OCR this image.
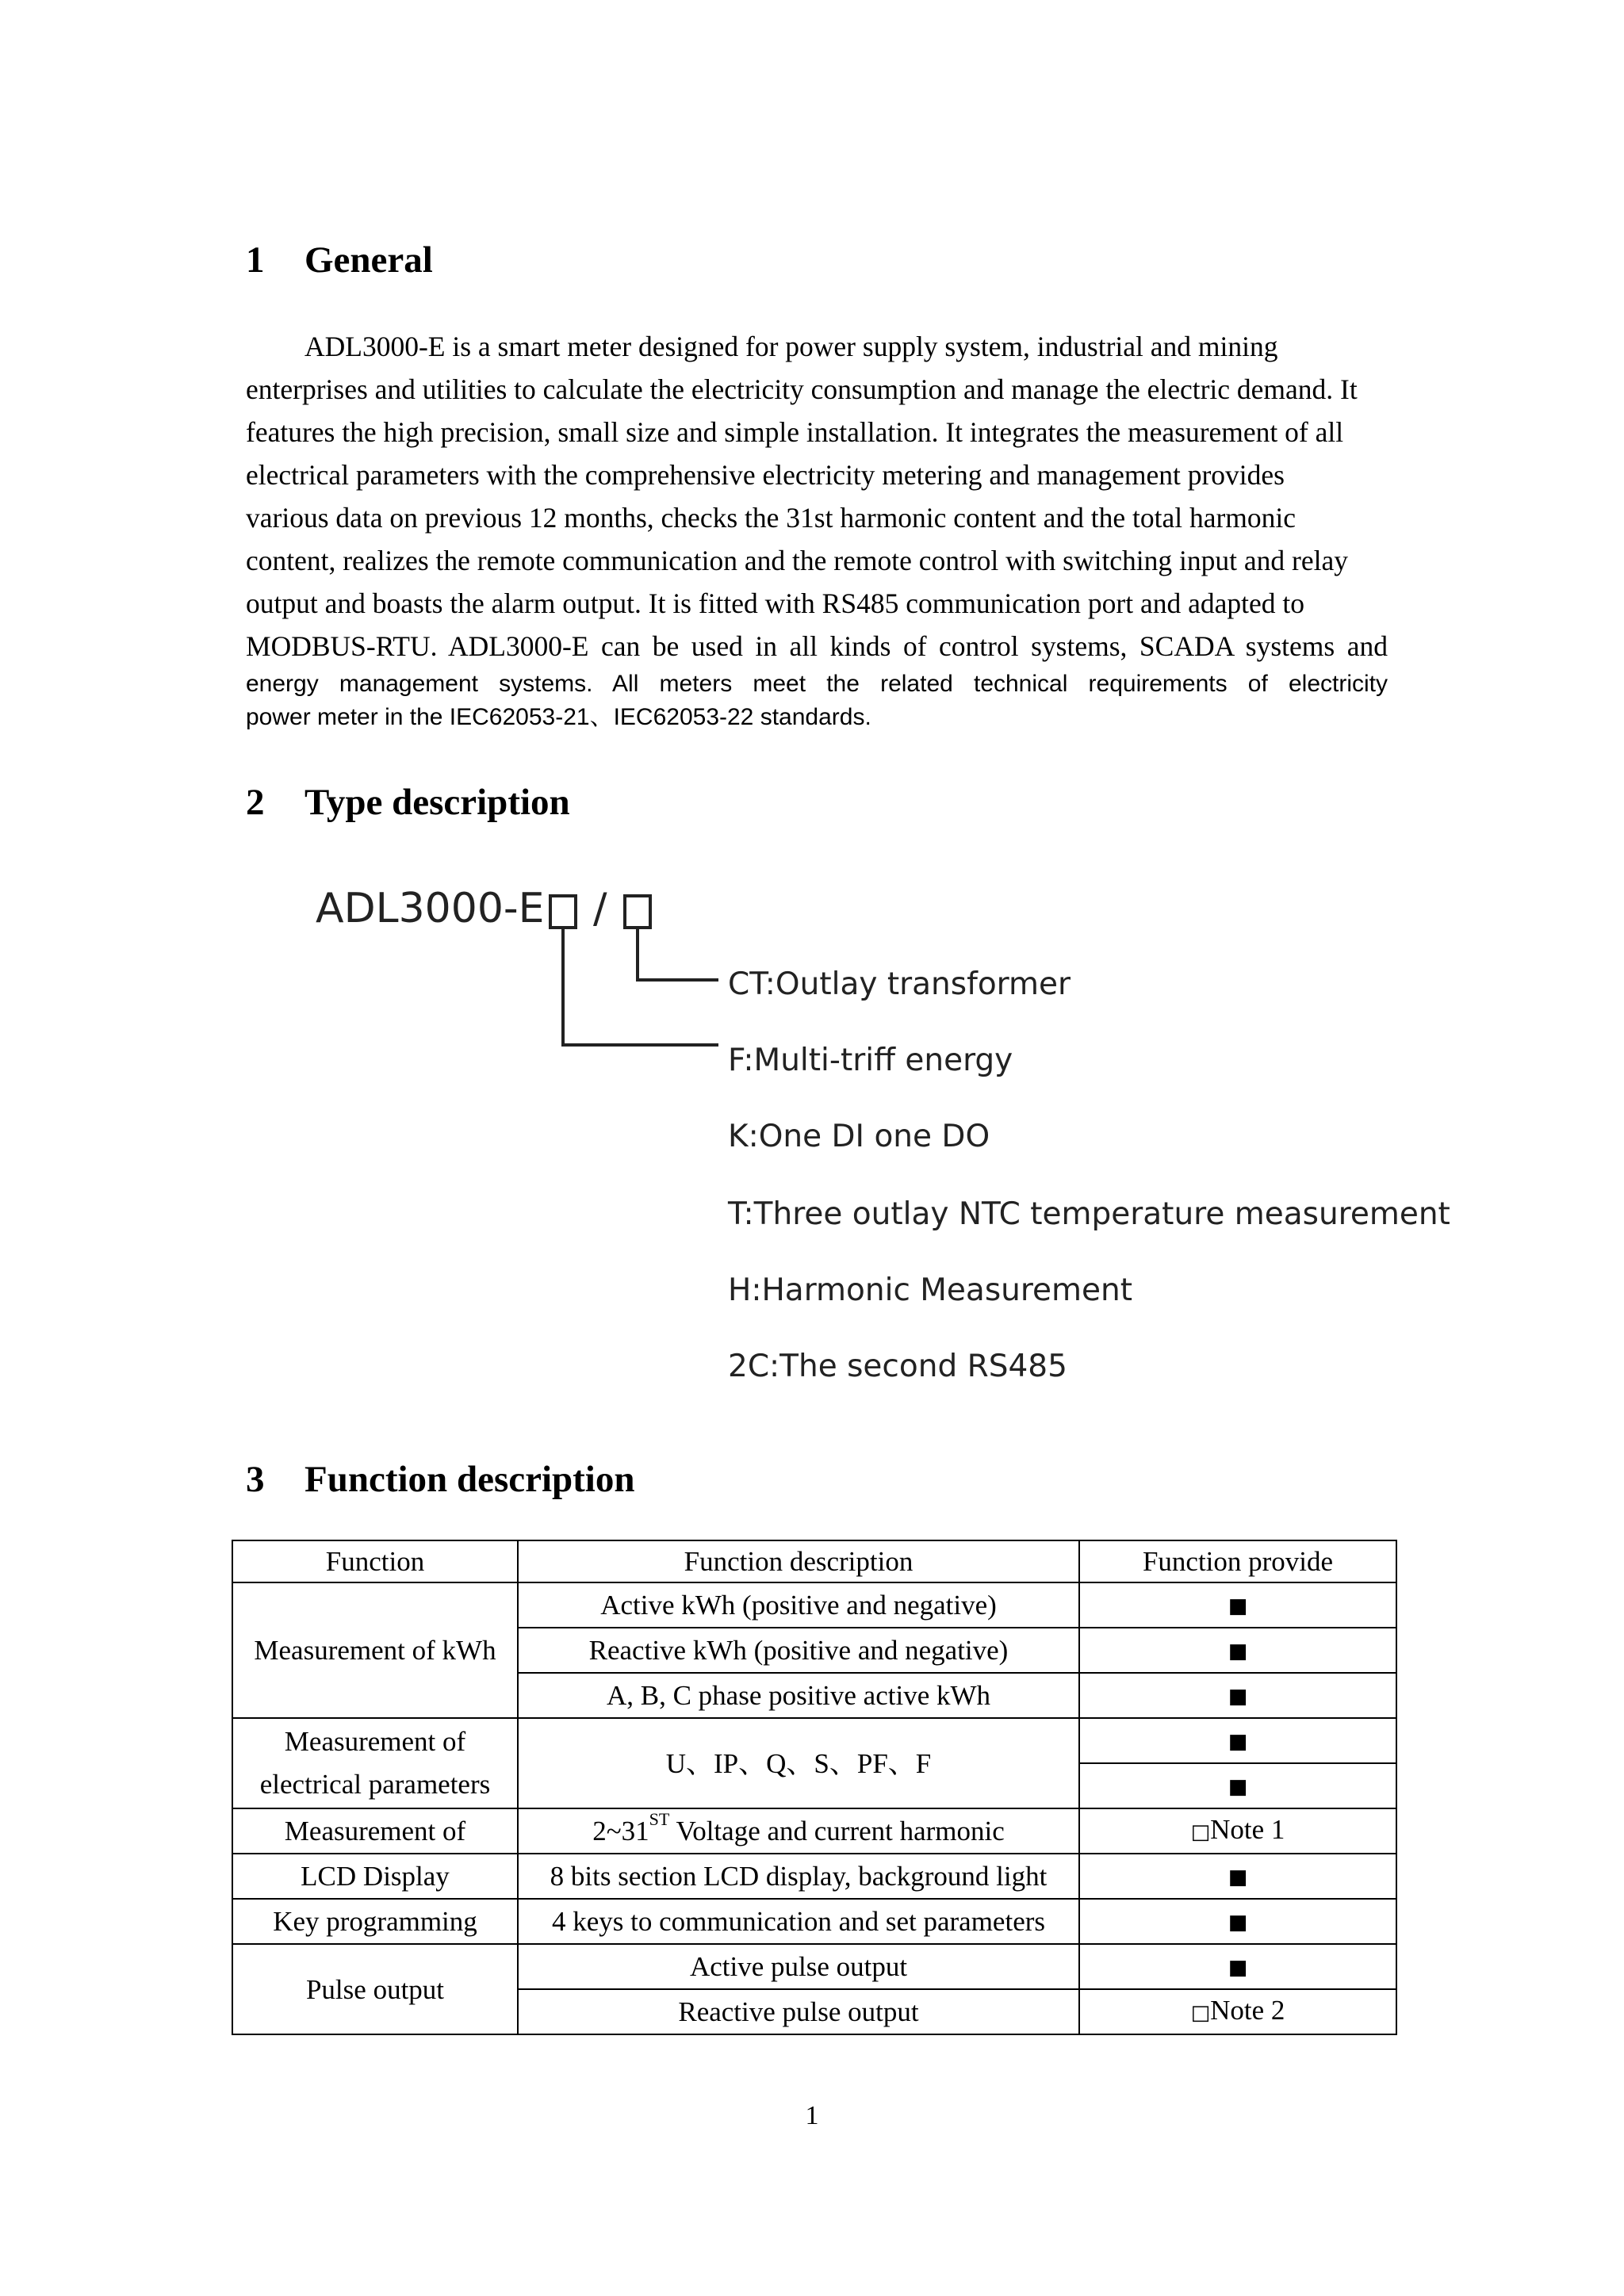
1 General
ADL3000-E is a smart meter designed for power supply system, industrial and mining
enterprises and utilities to calculate the electricity consumption and manage the electric demand. It
features the high precision, small size and simple installation. It integrates the measurement of all
electrical parameters with the comprehensive electricity metering and management provides
various data on previous 12 months, checks the 31st harmonic content and the total harmonic
content, realizes the remote communication and the remote control with switching input and relay
output and boasts the alarm output. It is fitted with RS485 communication port and adapted to
MODBUS-RTU. ADL3000-E can be used in all kinds of control systems, SCADA systems and
energy management systems. All meters meet the related technical requirements of electricity
power meter in the IEC62053-21、IEC62053-22 standards.
2 Type description
ADL3000-E /
CT:Outlay transformer
F:Multi-triff energy
K:One DI one DO
T:Three outlay NTC temperature measurement
H:Harmonic Measurement
2C:The second RS485
3 Function description
Function	Function description	Function provide
Measurement of kWh	Active kWh (positive and negative)	■
	Reactive kWh (positive and negative)	■
	A, B, C phase positive active kWh	■

Measurement of
electrical parameters	U、IP、Q、S、PF、F	■
		■
Measurement of	2~31ST Voltage and current harmonic	□Note 1
LCD Display	8 bits section LCD display, background light	■
Key programming	4 keys to communication and set parameters	■
Pulse output	Active pulse output	■
	Reactive pulse output	□Note 2
1
